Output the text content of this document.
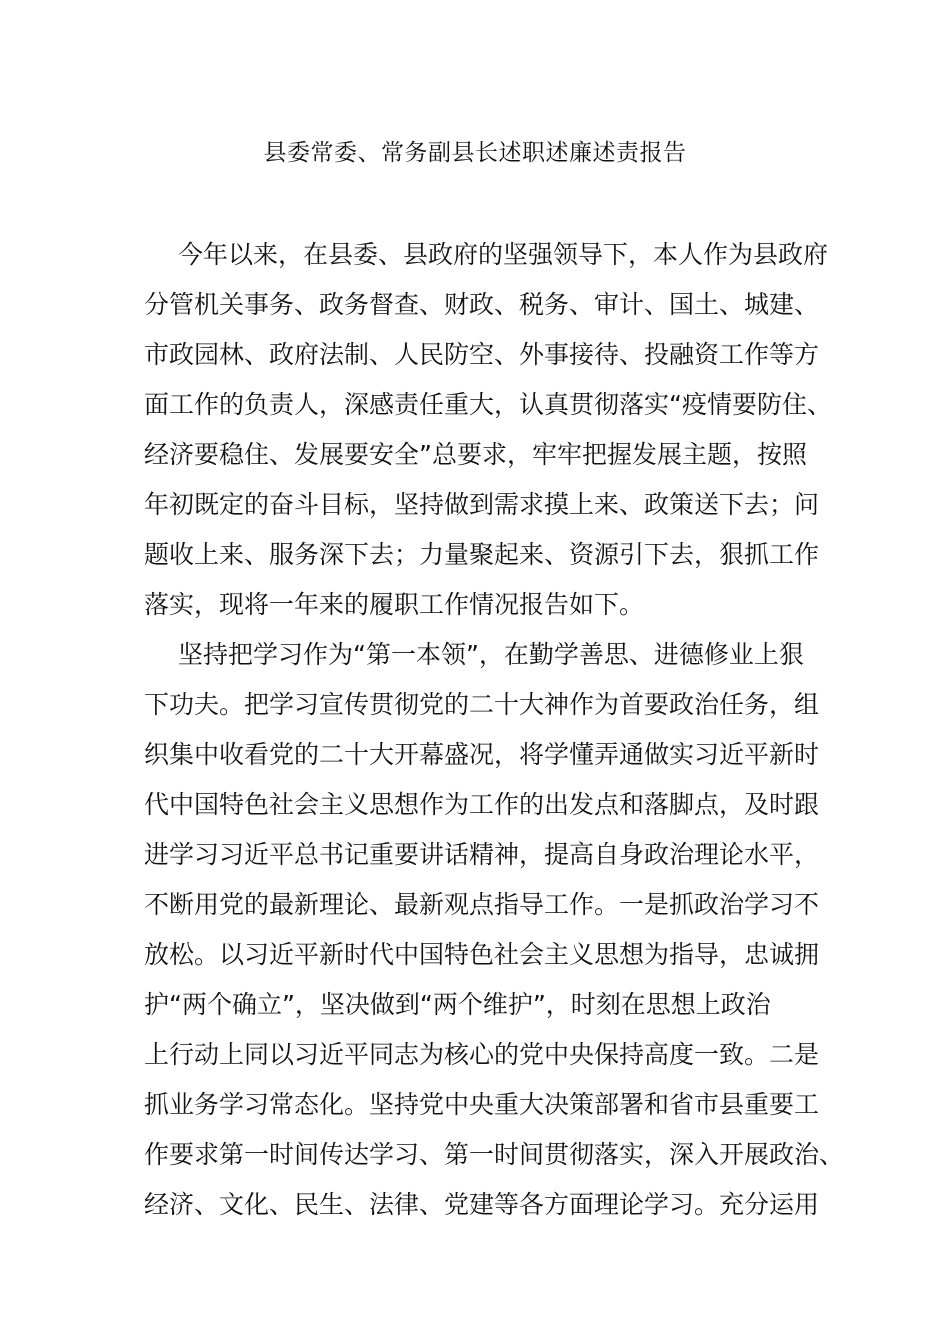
县委常委、常务副县长述职述廉述责报告
今年以来，在县委、县政府的坚强领导下，本人作为县政府
分管机关事务、政务督查、财政、税务、审计、国土、城建、
市政园林、政府法制、人民防空、外事接待、投融资工作等方
面工作的负责人，深感责任重大，认真贯彻落实“疫情要防住、
经济要稳住、发展要安全”总要求，牢牢把握发展主题，按照
年初既定的奋斗目标，坚持做到需求摸上来、政策送下去；问
题收上来、服务深下去；力量聚起来、资源引下去，狠抓工作
落实，现将一年来的履职工作情况报告如下。
坚持把学习作为“第一本领”，在勤学善思、进德修业上狠
下功夫。把学习宣传贯彻党的二十大神作为首要政治任务，组
织集中收看党的二十大开幕盛况，将学懂弄通做实习近平新时
代中国特色社会主义思想作为工作的出发点和落脚点，及时跟
进学习习近平总书记重要讲话精神，提高自身政治理论水平，
不断用党的最新理论、最新观点指导工作。一是抓政治学习不
放松。以习近平新时代中国特色社会主义思想为指导，忠诚拥
护“两个确立”，坚决做到“两个维护”，时刻在思想上政治
上行动上同以习近平同志为核心的党中央保持高度一致。二是
抓业务学习常态化。坚持党中央重大决策部署和省市县重要工
作要求第一时间传达学习、第一时间贯彻落实，深入开展政治、
经济、文化、民生、法律、党建等各方面理论学习。充分运用
